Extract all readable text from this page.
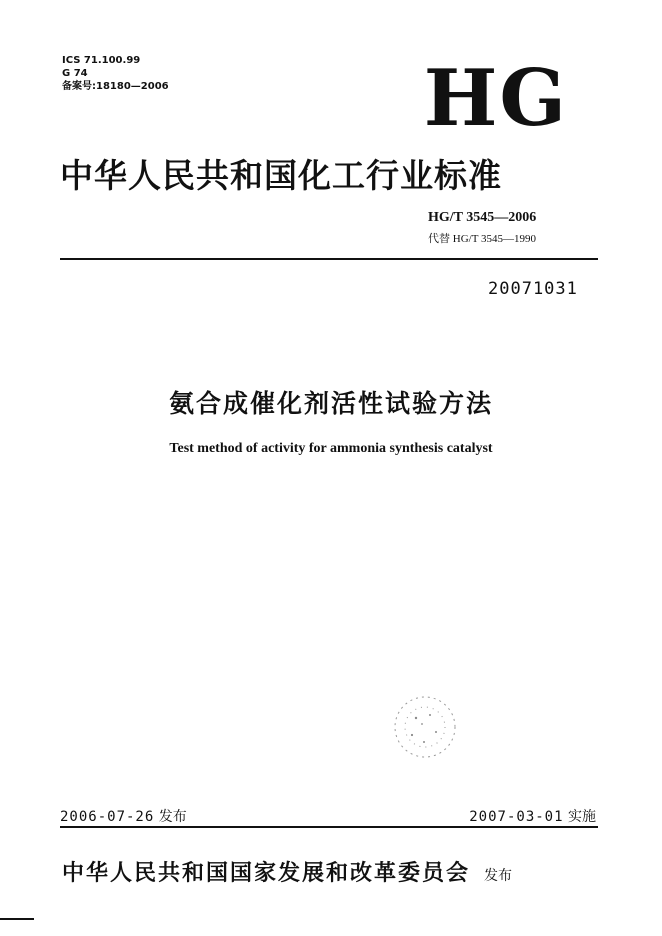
ICS 71.100.99
G 74
备案号:18180—2006	HG
中华人民共和国化工行业标准
HG/T 3545—2006
代替 HG/T 3545—1990
20071031
氨合成催化剂活性试验方法
Test method of activity for ammonia synthesis catalyst
2006-07-26 发布	2007-03-01 实施
中华人民共和国国家发展和改革委员会 发布
